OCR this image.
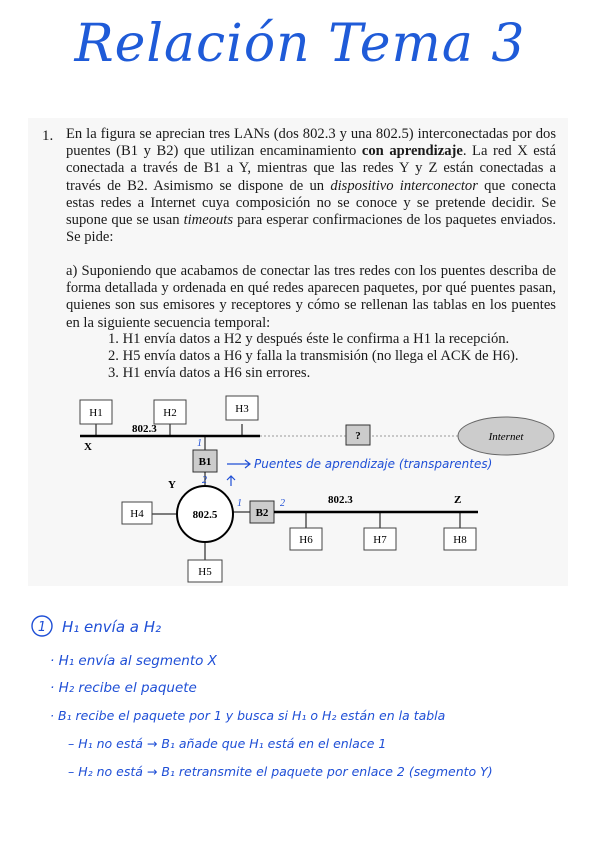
Relación Tema 3
1. En la figura se aprecian tres LANs (dos 802.3 y una 802.5) interconectadas por dos puentes (B1 y B2) que utilizan encaminamiento con aprendizaje. La red X está conectada a través de B1 a Y, mientras que las redes Y y Z están conectadas a través de B2. Asimismo se dispone de un dispositivo interconector que conecta estas redes a Internet cuya composición no se conoce y se pretende decidir. Se supone que se usan timeouts para esperar confirmaciones de los paquetes enviados. Se pide:

a) Suponiendo que acabamos de conectar las tres redes con los puentes describa de forma detallada y ordenada en qué redes aparecen paquetes, por qué puentes pasan, quienes son sus emisores y receptores y cómo se rellenan las tablas en los puentes en la siguiente secuencia temporal:

1. H1 envía datos a H2 y después éste le confirma a H1 la recepción.
2. H5 envía datos a H6 y falla la transmisión (no llega el ACK de H6).
3. H1 envía datos a H6 sin errores.
H1	H2	H3
802.3
X
?	Internet
B1
Y
802.5
H4
H5
B2
802.3	Z
H6	H7	H8
1
2
1	2
Puentes de aprendizaje (transparentes)
1 H₁ envía a H₂
· H₁ envía al segmento X
· H₂ recibe el paquete
· B₁ recibe el paquete por 1 y busca si H₁ o H₂ están en la tabla
– H₁ no está → B₁ añade que H₁ está en el enlace 1
– H₂ no está → B₁ retransmite el paquete por enlace 2 (segmento Y)
